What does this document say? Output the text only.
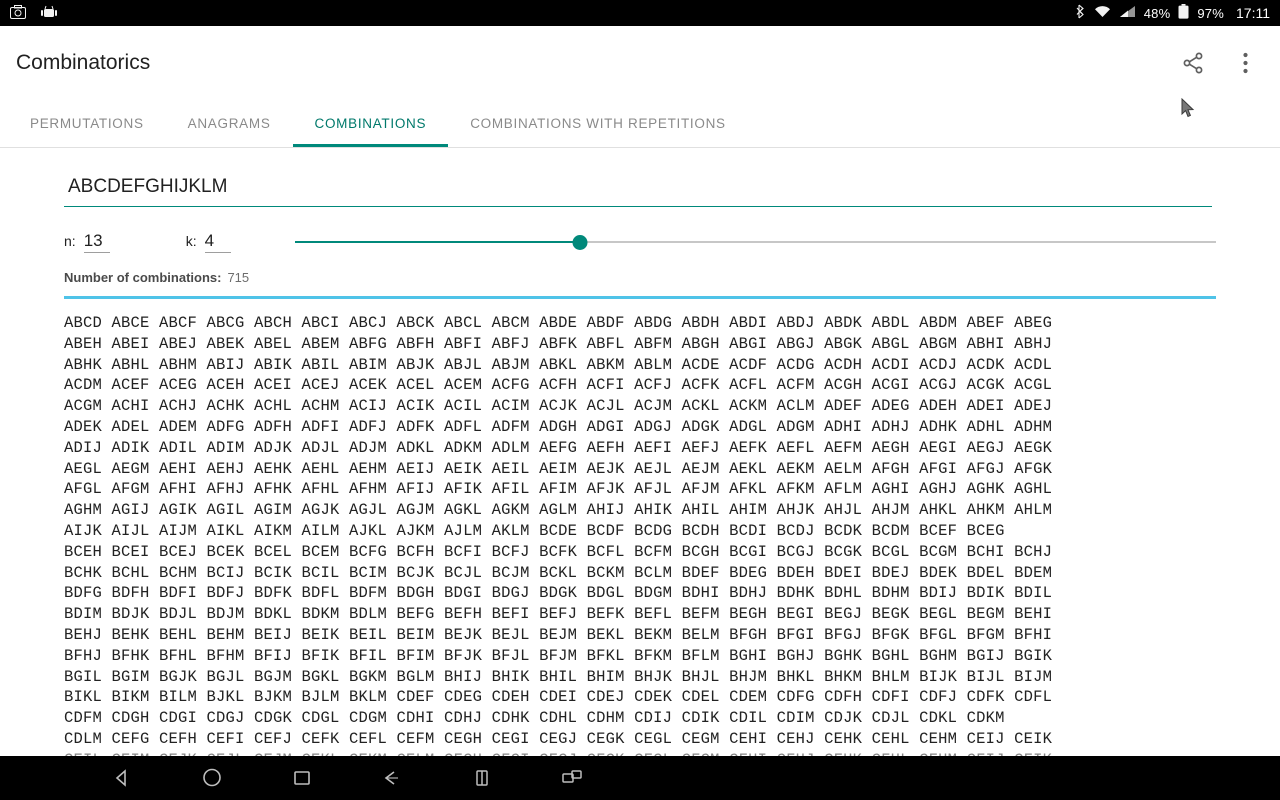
48% 97% 17:11
Combinatorics
PERMUTATIONS	ANAGRAMS	COMBINATIONS	COMBINATIONS WITH REPETITIONS
ABCDEFGHIJKLM
n: 13	k: 4
Number of combinations: 715
ABCD ABCE ABCF ABCG ABCH ABCI ABCJ ABCK ABCL ABCM ABDE ABDF ABDG ABDH ABDI ABDJ ABDK ABDL ABDM ABEF ABEG
ABEH ABEI ABEJ ABEK ABEL ABEM ABFG ABFH ABFI ABFJ ABFK ABFL ABFM ABGH ABGI ABGJ ABGK ABGL ABGM ABHI ABHJ
ABHK ABHL ABHM ABIJ ABIK ABIL ABIM ABJK ABJL ABJM ABKL ABKM ABLM ACDE ACDF ACDG ACDH ACDI ACDJ ACDK ACDL
ACDM ACEF ACEG ACEH ACEI ACEJ ACEK ACEL ACEM ACFG ACFH ACFI ACFJ ACFK ACFL ACFM ACGH ACGI ACGJ ACGK ACGL
ACGM ACHI ACHJ ACHK ACHL ACHM ACIJ ACIK ACIL ACIM ACJK ACJL ACJM ACKL ACKM ACLM ADEF ADEG ADEH ADEI ADEJ
ADEK ADEL ADEM ADFG ADFH ADFI ADFJ ADFK ADFL ADFM ADGH ADGI ADGJ ADGK ADGL ADGM ADHI ADHJ ADHK ADHL ADHM
ADIJ ADIK ADIL ADIM ADJK ADJL ADJM ADKL ADKM ADLM AEFG AEFH AEFI AEFJ AEFK AEFL AEFM AEGH AEGI AEGJ AEGK
AEGL AEGM AEHI AEHJ AEHK AEHL AEHM AEIJ AEIK AEIL AEIM AEJK AEJL AEJM AEKL AEKM AELM AFGH AFGI AFGJ AFGK
AFGL AFGM AFHI AFHJ AFHK AFHL AFHM AFIJ AFIK AFIL AFIM AFJK AFJL AFJM AFKL AFKM AFLM AGHI AGHJ AGHK AGHL
AGHM AGIJ AGIK AGIL AGIM AGJK AGJL AGJM AGKL AGKM AGLM AHIJ AHIK AHIL AHIM AHJK AHJL AHJM AHKL AHKM AHLM
AIJK AIJL AIJM AIKL AIKM AILM AJKL AJKM AJLM AKLM BCDE BCDF BCDG BCDH BCDI BCDJ BCDK BCDM BCEF BCEG
BCEH BCEI BCEJ BCEK BCEL BCEM BCFG BCFH BCFI BCFJ BCFK BCFL BCFM BCGH BCGI BCGJ BCGK BCGL BCGM BCHI BCHJ
BCHK BCHL BCHM BCIJ BCIK BCIL BCIM BCJK BCJL BCJM BCKL BCKM BCLM BDEF BDEG BDEH BDEI BDEJ BDEK BDEL BDEM
BDFG BDFH BDFI BDFJ BDFK BDFL BDFM BDGH BDGI BDGJ BDGK BDGL BDGM BDHI BDHJ BDHK BDHL BDHM BDIJ BDIK BDIL
BDIM BDJK BDJL BDJM BDKL BDKM BDLM BEFG BEFH BEFI BEFJ BEFK BEFL BEFM BEGH BEGI BEGJ BEGK BEGL BEGM BEHI
BEHJ BEHK BEHL BEHM BEIJ BEIK BEIL BEIM BEJK BEJL BEJM BEKL BEKM BELM BFGH BFGI BFGJ BFGK BFGL BFGM BFHI
BFHJ BFHK BFHL BFHM BFIJ BFIK BFIL BFIM BFJK BFJL BFJM BFKL BFKM BFLM BGHI BGHJ BGHK BGHL BGHM BGIJ BGIK
BGIL BGIM BGJK BGJL BGJM BGKL BGKM BGLM BHIJ BHIK BHIL BHIM BHJK BHJL BHJM BHKL BHKM BHLM BIJK BIJL BIJM
BIKL BIKM BILM BJKL BJKM BJLM BKLM CDEF CDEG CDEH CDEI CDEJ CDEK CDEL CDEM CDFG CDFH CDFI CDFJ CDFK CDFL
CDFM CDGH CDGI CDGJ CDGK CDGL CDGM CDHI CDHJ CDHK CDHL CDHM CDIJ CDIK CDIL CDIM CDJK CDJL CDKL CDKM
CDLM CEFG CEFH CEFI CEFJ CEFK CEFL CEFM CEGH CEGI CEGJ CEGK CEGL CEGM CEHI CEHJ CEHK CEHL CEHM CEIJ CEIK
